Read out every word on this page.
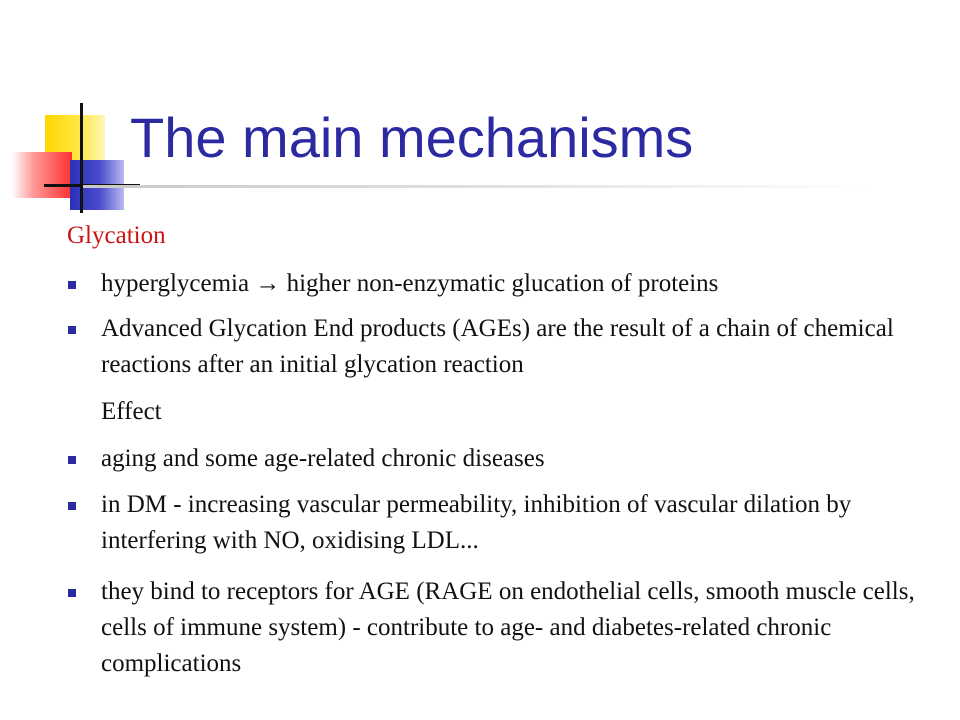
The main mechanisms

Glycation

hyperglycemia → higher non-enzymatic glucation of proteins

Advanced Glycation End products (AGEs) are the result of a chain of chemical reactions after an initial glycation reaction

Effect

aging and some age-related chronic diseases

in DM - increasing vascular permeability, inhibition of vascular dilation by interfering with NO, oxidising LDL...

they bind to receptors for AGE (RAGE on endothelial cells, smooth muscle cells, cells of immune system) - contribute to age- and diabetes-related chronic complications
